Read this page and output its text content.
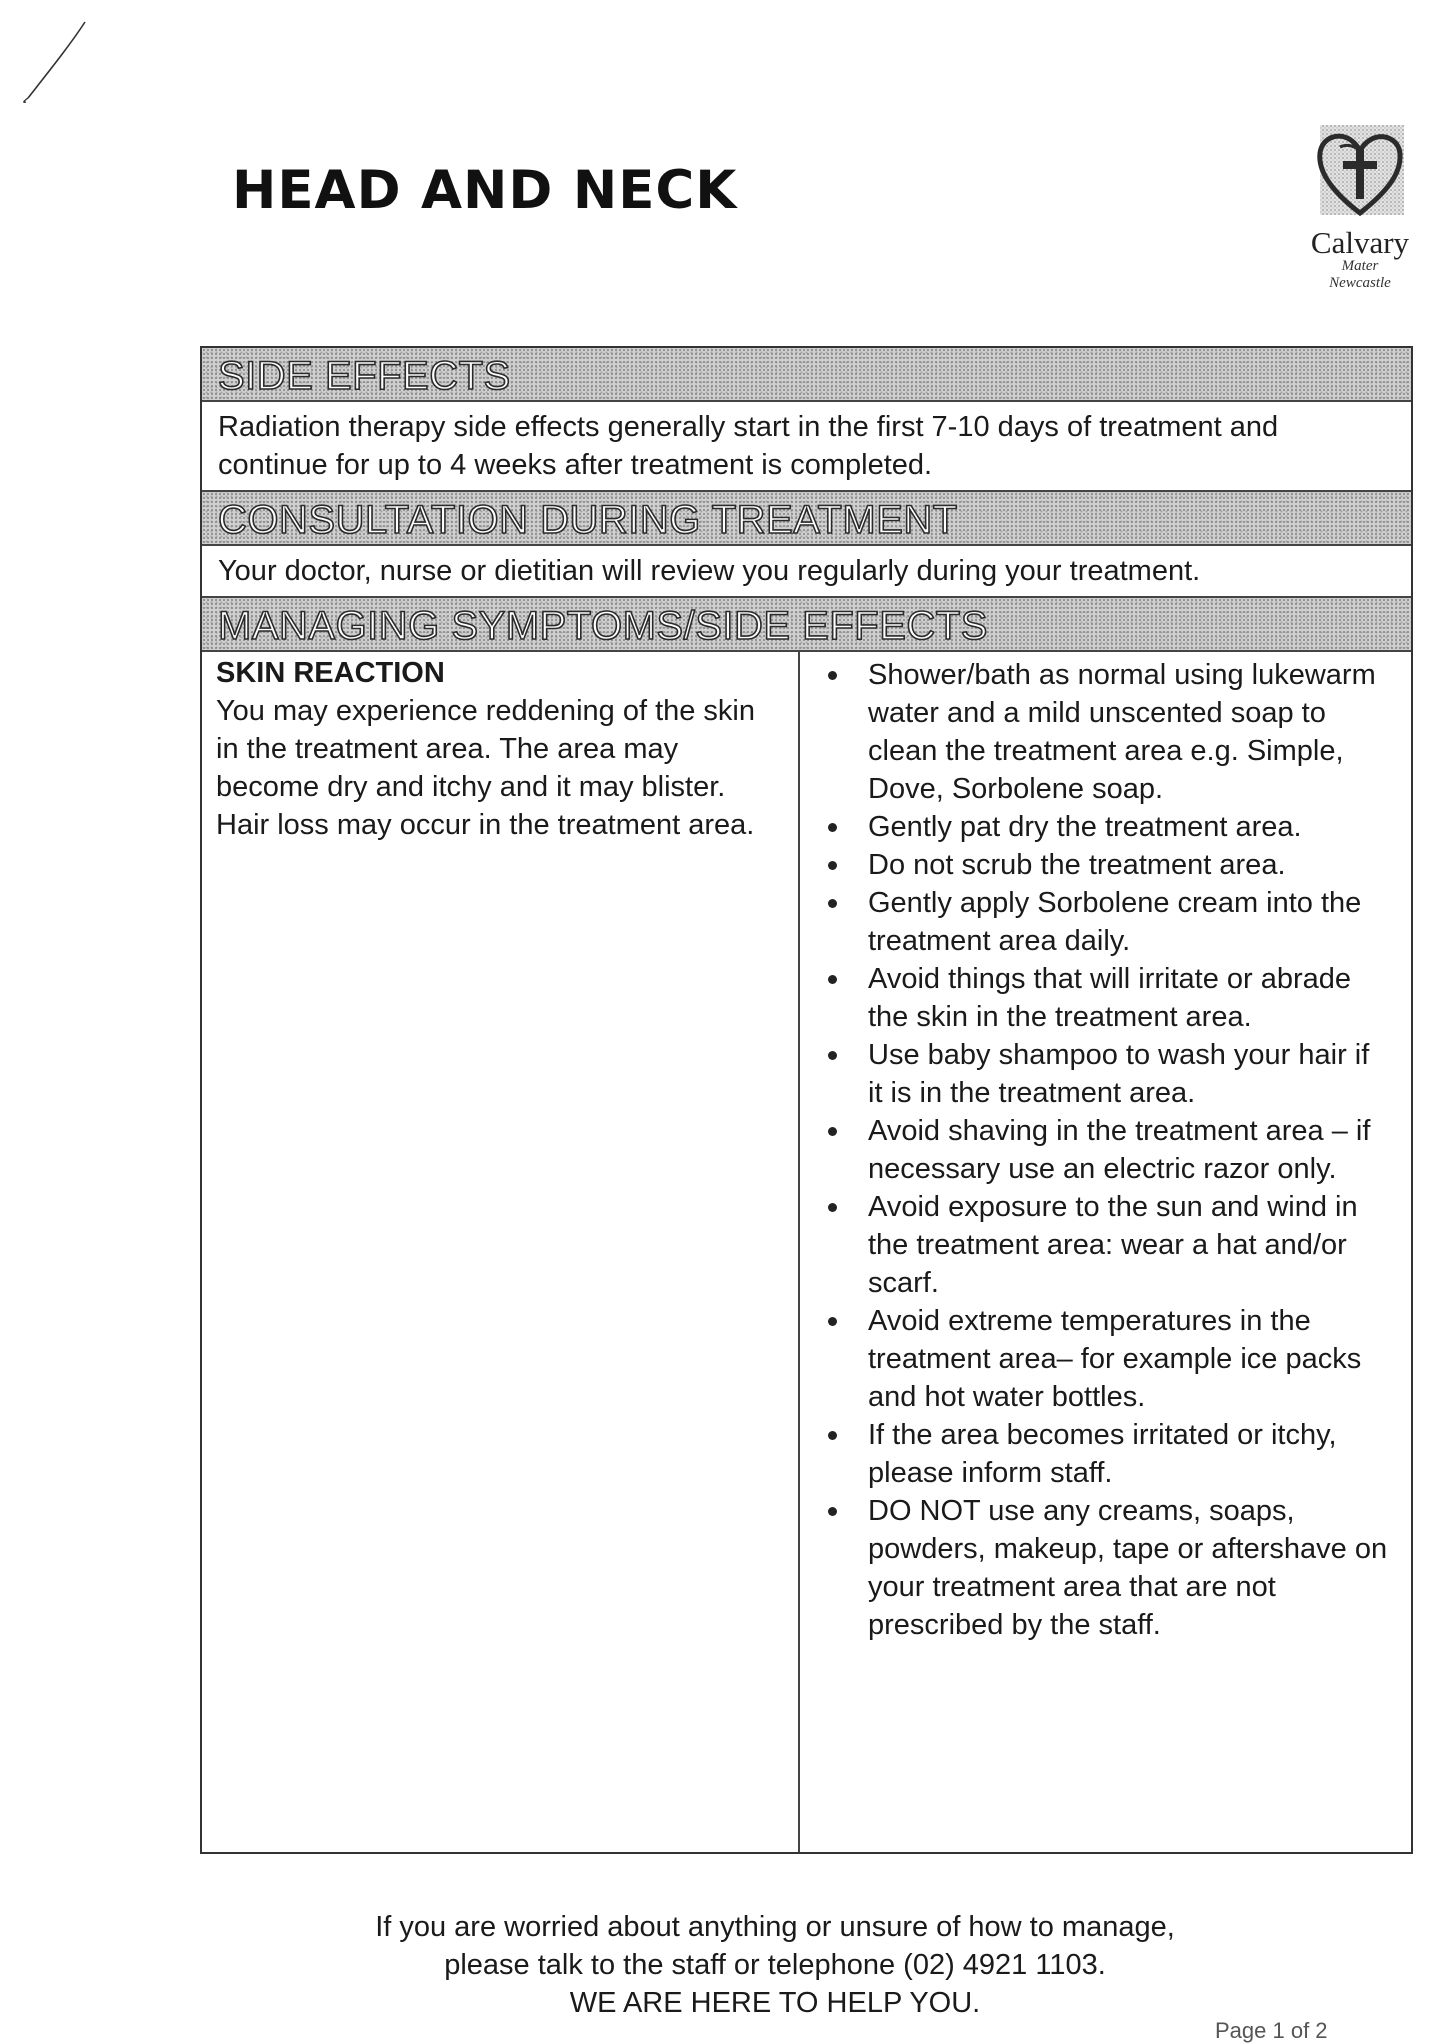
HEAD AND NECK
Calvary
Mater
Newcastle
SIDE EFFECTS
Radiation therapy side effects generally start in the first 7-10 days of treatment and continue for up to 4 weeks after treatment is completed.
CONSULTATION DURING TREATMENT
Your doctor, nurse or dietitian will review you regularly during your treatment.
MANAGING SYMPTOMS/SIDE EFFECTS
SKIN REACTION

You may experience reddening of the skin in the treatment area. The area may become dry and itchy and it may blister. Hair loss may occur in the treatment area.

Shower/bath as normal using lukewarm water and a mild unscented soap to clean the treatment area e.g. Simple, Dove, Sorbolene soap.
Gently pat dry the treatment area.
Do not scrub the treatment area.
Gently apply Sorbolene cream into the treatment area daily.
Avoid things that will irritate or abrade the skin in the treatment area.
Use baby shampoo to wash your hair if it is in the treatment area.
Avoid shaving in the treatment area – if necessary use an electric razor only.
Avoid exposure to the sun and wind in the treatment area: wear a hat and/or scarf.
Avoid extreme temperatures in the treatment area– for example ice packs and hot water bottles.
If the area becomes irritated or itchy, please inform staff.
DO NOT use any creams, soaps, powders, makeup, tape or aftershave on your treatment area that are not prescribed by the staff.
If you are worried about anything or unsure of how to manage,
please talk to the staff or telephone (02) 4921 1103.
WE ARE HERE TO HELP YOU.
Page 1 of 2
